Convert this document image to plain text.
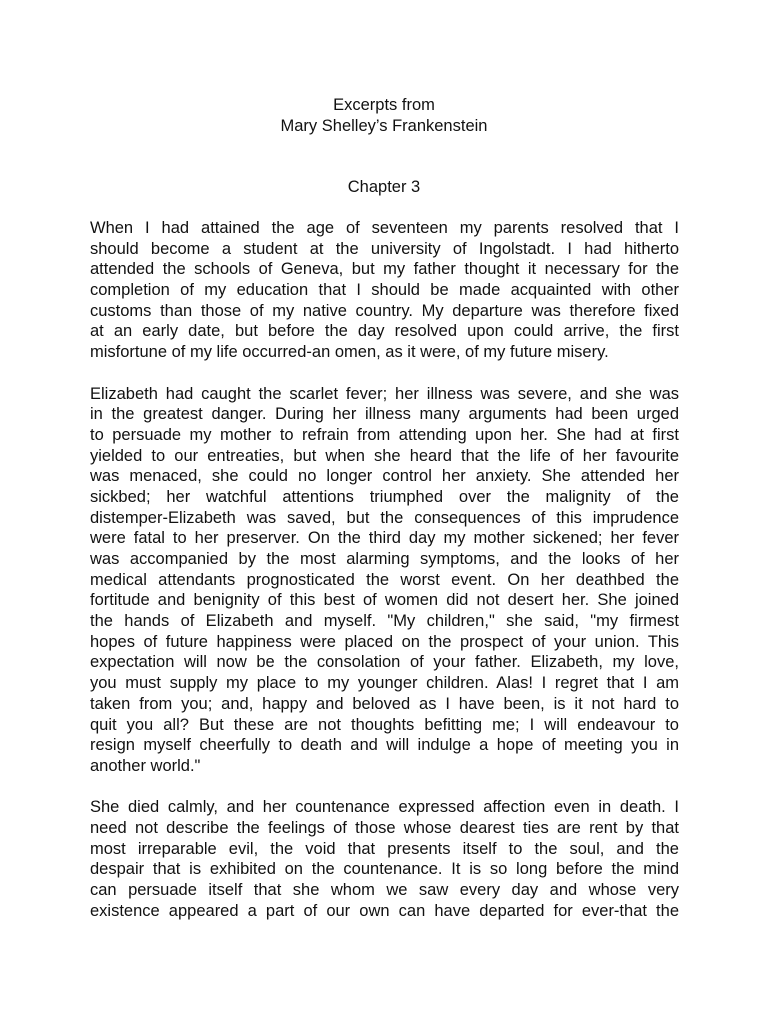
Excerpts from
Mary Shelley’s Frankenstein
Chapter 3
When I had attained the age of seventeen my parents resolved that I
should become a student at the university of Ingolstadt. I had hitherto
attended the schools of Geneva, but my father thought it necessary for the
completion of my education that I should be made acquainted with other
customs than those of my native country. My departure was therefore fixed
at an early date, but before the day resolved upon could arrive, the first
misfortune of my life occurred-an omen, as it were, of my future misery.
Elizabeth had caught the scarlet fever; her illness was severe, and she was
in the greatest danger. During her illness many arguments had been urged
to persuade my mother to refrain from attending upon her. She had at first
yielded to our entreaties, but when she heard that the life of her favourite
was menaced, she could no longer control her anxiety. She attended her
sickbed; her watchful attentions triumphed over the malignity of the
distemper-Elizabeth was saved, but the consequences of this imprudence
were fatal to her preserver. On the third day my mother sickened; her fever
was accompanied by the most alarming symptoms, and the looks of her
medical attendants prognosticated the worst event. On her deathbed the
fortitude and benignity of this best of women did not desert her. She joined
the hands of Elizabeth and myself. "My children," she said, "my firmest
hopes of future happiness were placed on the prospect of your union. This
expectation will now be the consolation of your father. Elizabeth, my love,
you must supply my place to my younger children. Alas! I regret that I am
taken from you; and, happy and beloved as I have been, is it not hard to
quit you all? But these are not thoughts befitting me; I will endeavour to
resign myself cheerfully to death and will indulge a hope of meeting you in
another world."
She died calmly, and her countenance expressed affection even in death. I
need not describe the feelings of those whose dearest ties are rent by that
most irreparable evil, the void that presents itself to the soul, and the
despair that is exhibited on the countenance. It is so long before the mind
can persuade itself that she whom we saw every day and whose very
existence appeared a part of our own can have departed for ever-that the
